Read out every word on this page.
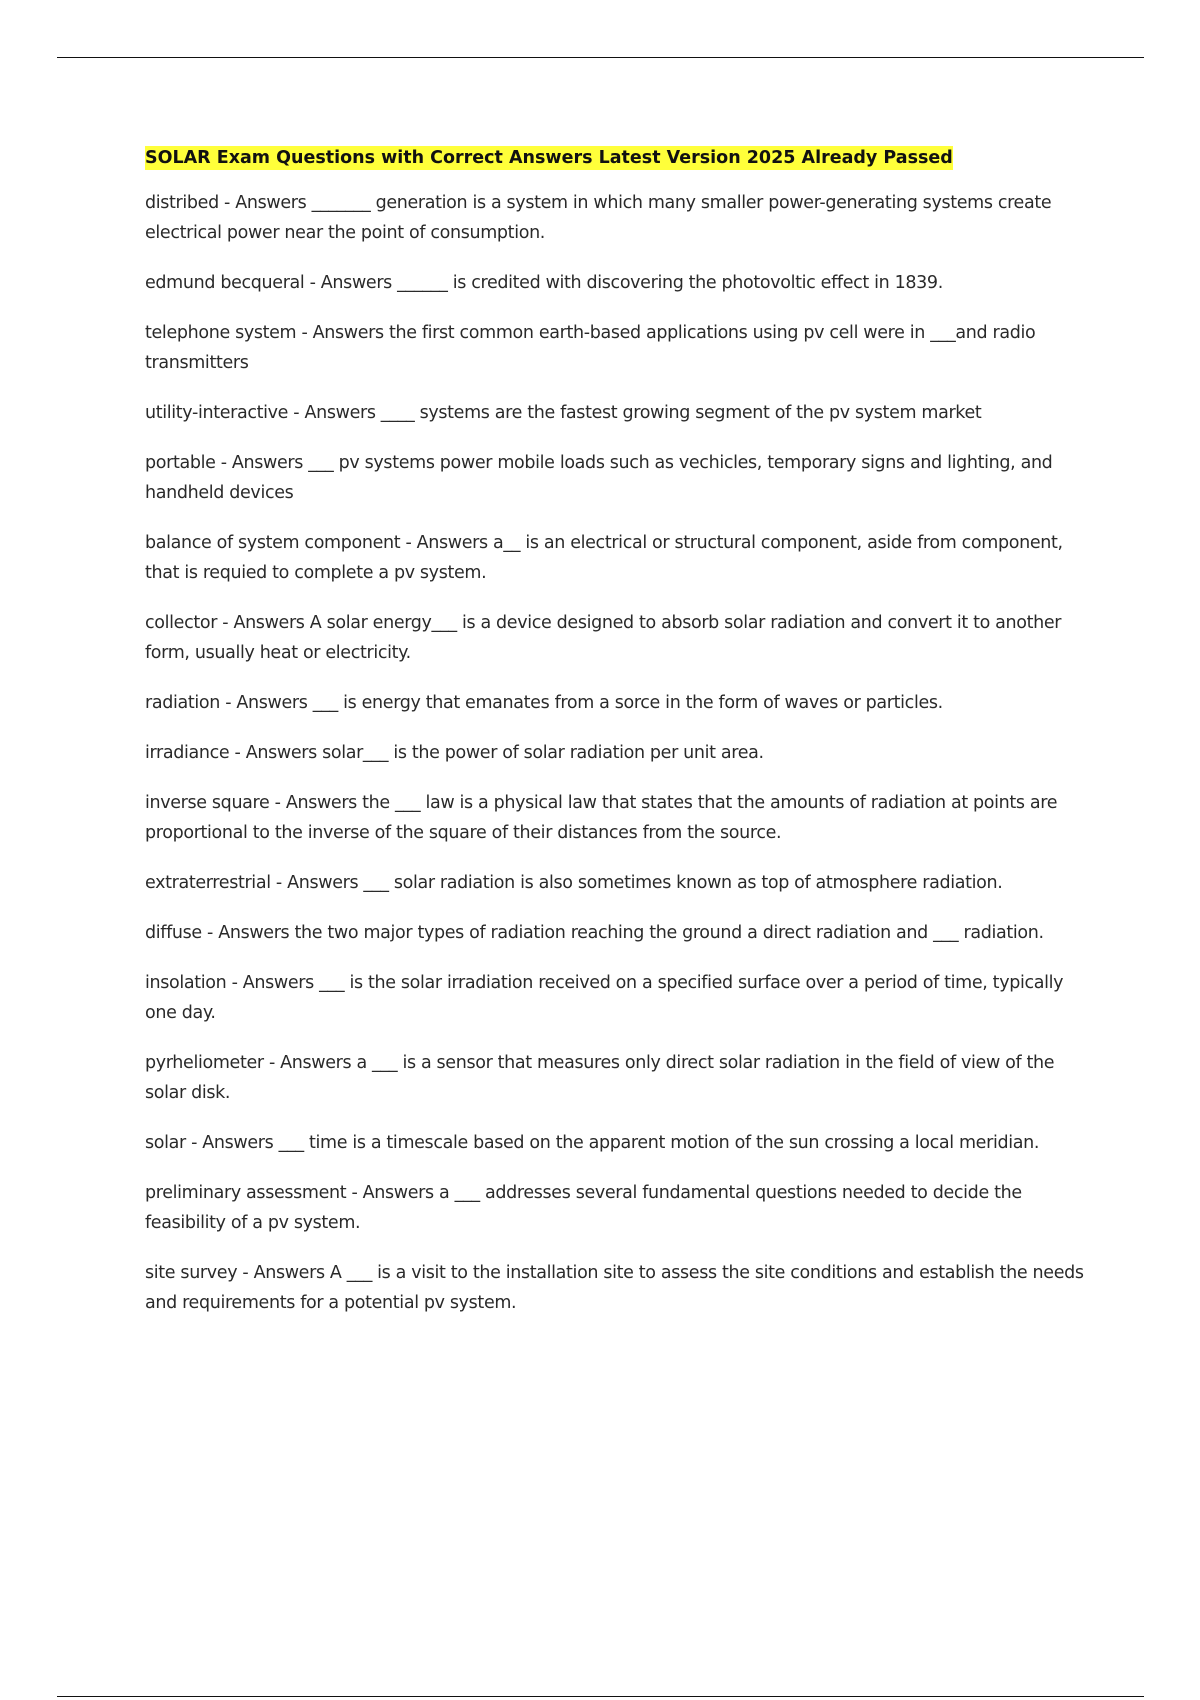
SOLAR Exam Questions with Correct Answers Latest Version 2025 Already Passed

distribed - Answers _______ generation is a system in which many smaller power-generating systems create electrical power near the point of consumption.

edmund becqueral - Answers ______ is credited with discovering the photovoltic effect in 1839.

telephone system - Answers the first common earth-based applications using pv cell were in ___and radio transmitters

utility-interactive - Answers ____ systems are the fastest growing segment of the pv system market

portable - Answers ___ pv systems power mobile loads such as vechicles, temporary signs and lighting, and handheld devices

balance of system component - Answers a__ is an electrical or structural component, aside from component, that is requied to complete a pv system.

collector - Answers A solar energy___ is a device designed to absorb solar radiation and convert it to another form, usually heat or electricity.

radiation - Answers ___ is energy that emanates from a sorce in the form of waves or particles.

irradiance - Answers solar___ is the power of solar radiation per unit area.

inverse square - Answers the ___ law is a physical law that states that the amounts of radiation at points are proportional to the inverse of the square of their distances from the source.

extraterrestrial - Answers ___ solar radiation is also sometimes known as top of atmosphere radiation.

diffuse - Answers the two major types of radiation reaching the ground a direct radiation and ___ radiation.

insolation - Answers ___ is the solar irradiation received on a specified surface over a period of time, typically one day.

pyrheliometer - Answers a ___ is a sensor that measures only direct solar radiation in the field of view of the solar disk.

solar - Answers ___ time is a timescale based on the apparent motion of the sun crossing a local meridian.

preliminary assessment - Answers a ___ addresses several fundamental questions needed to decide the feasibility of a pv system.

site survey - Answers A ___ is a visit to the installation site to assess the site conditions and establish the needs and requirements for a potential pv system.
